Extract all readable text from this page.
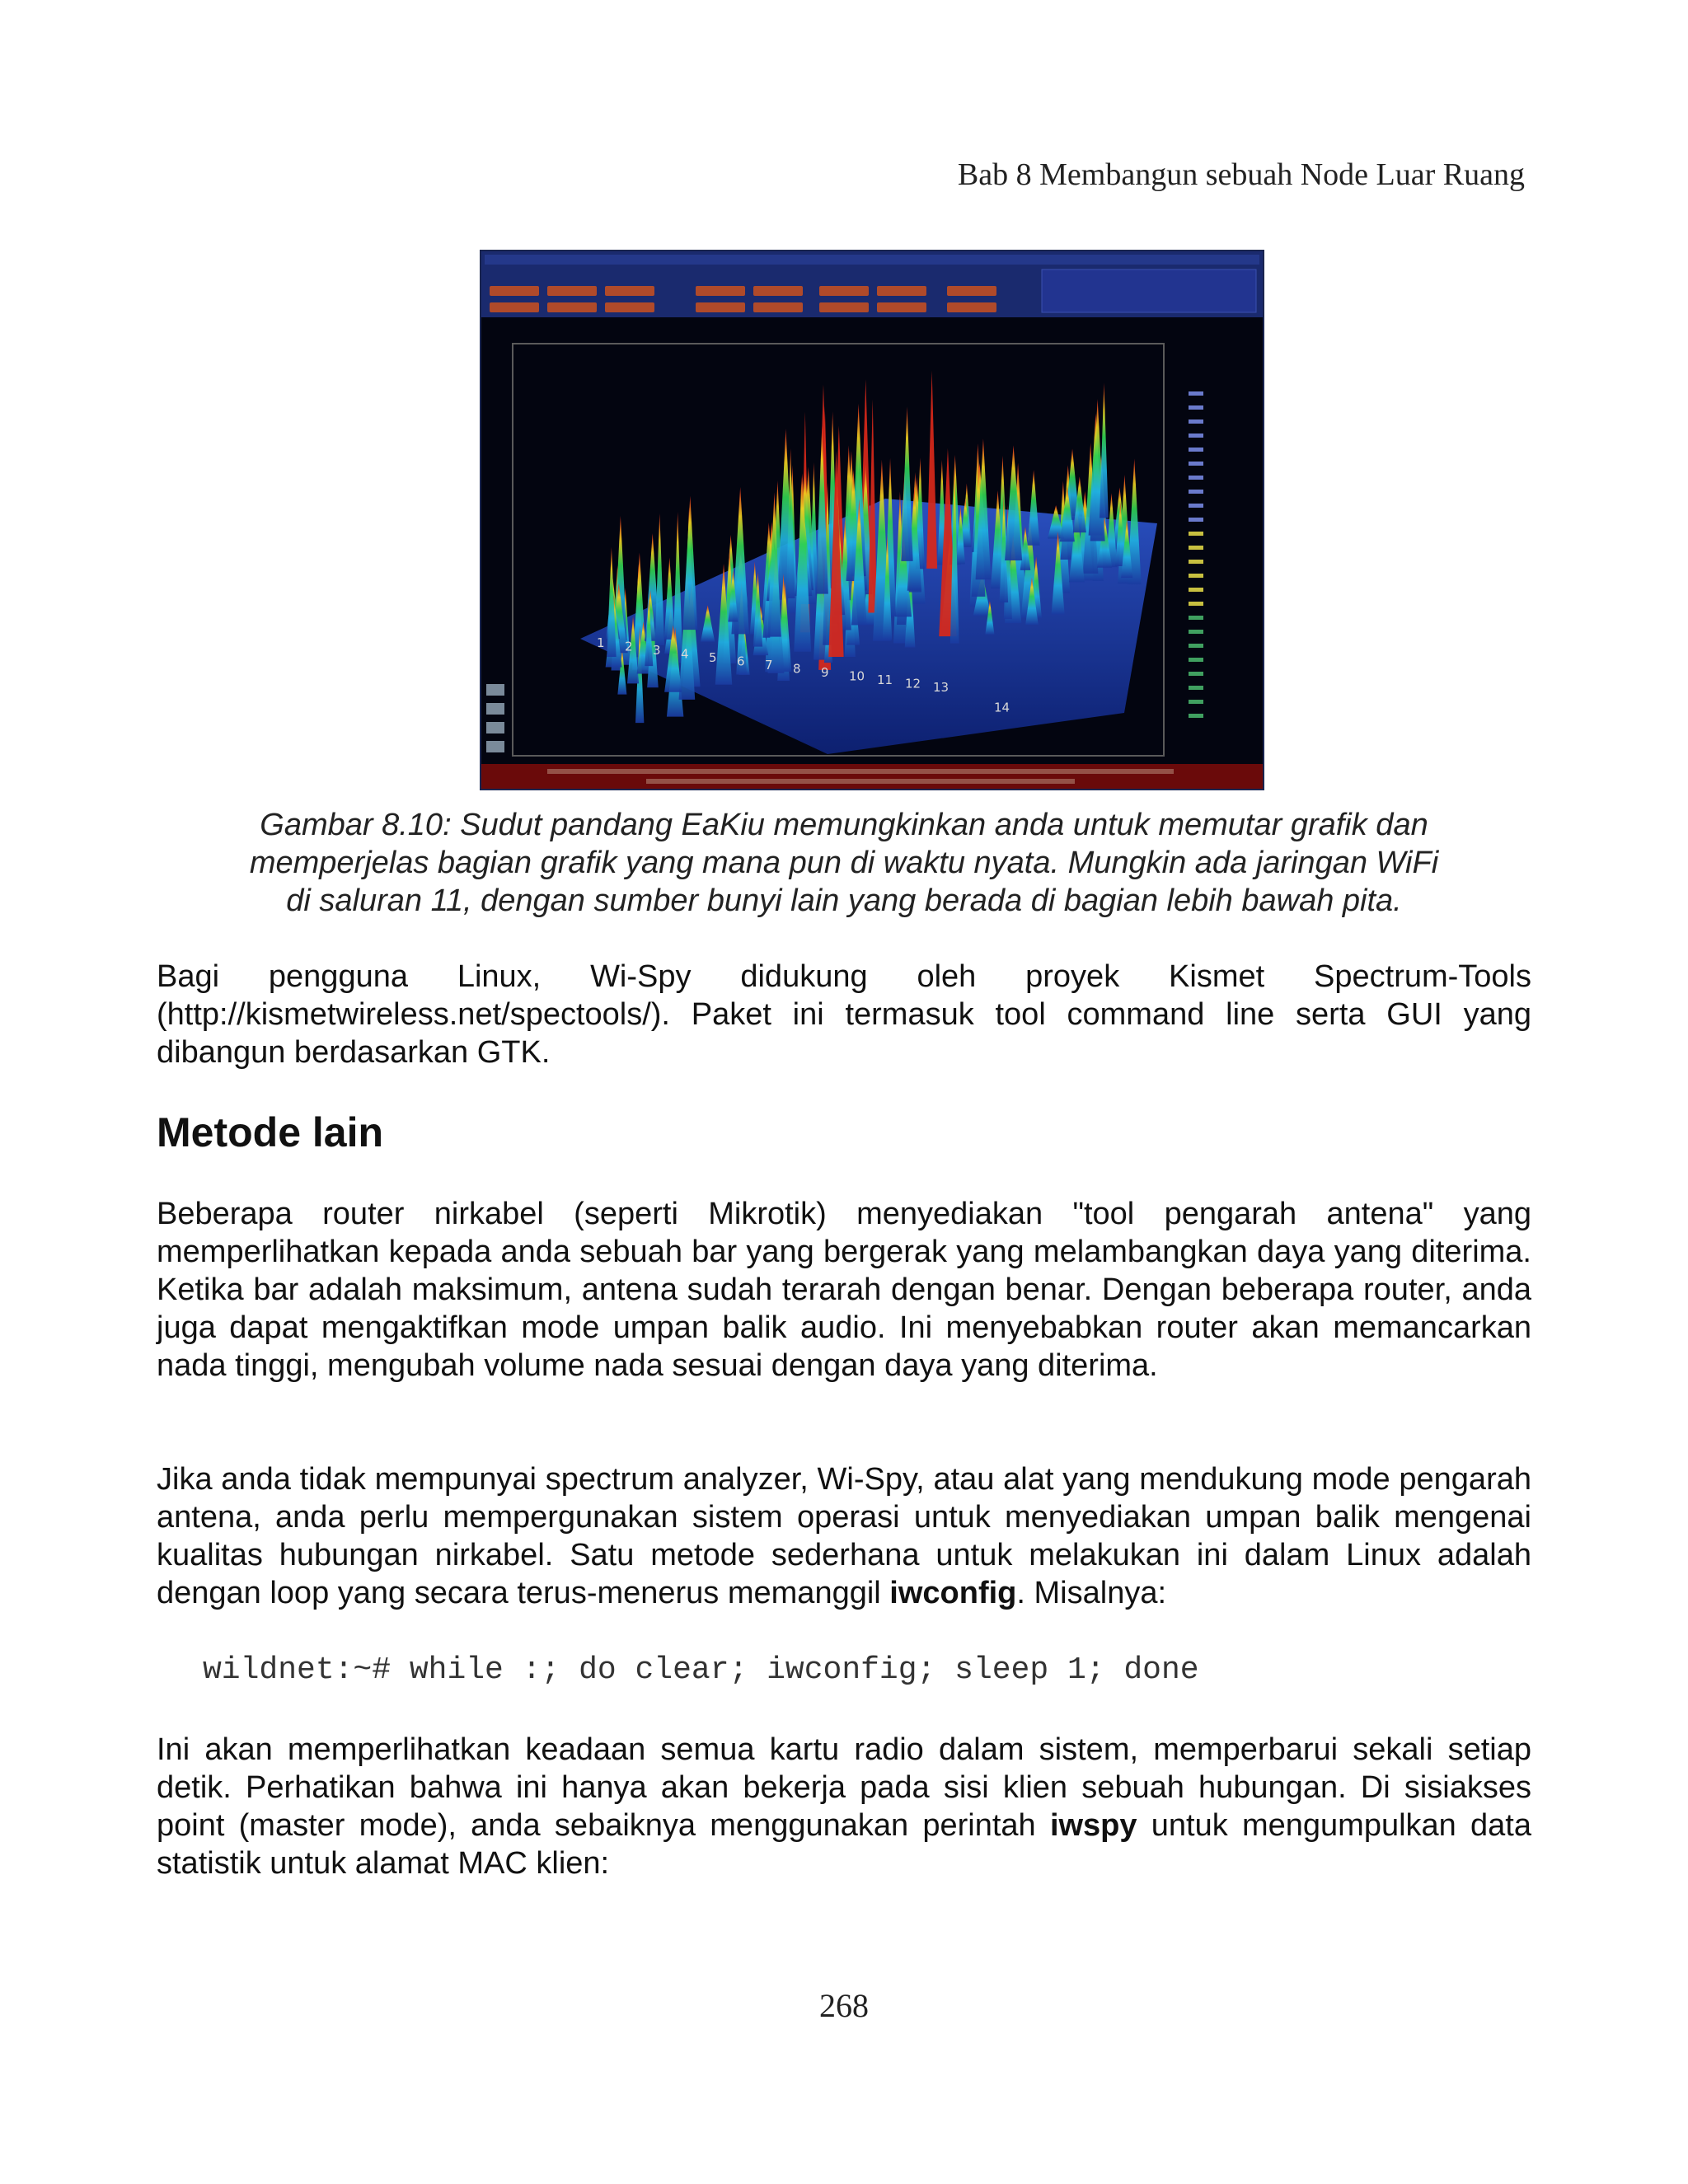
Bab 8 Membangun sebuah Node Luar Ruang
1 2 3 4 5 6 7 8 9 10 11 12 13
14
Gambar 8.10: Sudut pandang EaKiu memungkinkan anda untuk memutar grafik dan
memperjelas bagian grafik yang mana pun di waktu nyata. Mungkin ada jaringan WiFi
di saluran 11, dengan sumber bunyi lain yang berada di bagian lebih bawah pita.
Bagi pengguna Linux, Wi-Spy didukung oleh proyek Kismet Spectrum-Tools (http://kismetwireless.net/spectools/). Paket ini termasuk tool command line serta GUI yang dibangun berdasarkan GTK.
Metode lain
Beberapa router nirkabel (seperti Mikrotik) menyediakan "tool pengarah antena" yang memperlihatkan kepada anda sebuah bar yang bergerak yang melambangkan daya yang diterima. Ketika bar adalah maksimum, antena sudah terarah dengan benar. Dengan beberapa router, anda juga dapat mengaktifkan mode umpan balik audio. Ini menyebabkan router akan memancarkan nada tinggi, mengubah volume nada sesuai dengan daya yang diterima.
Jika anda tidak mempunyai spectrum analyzer, Wi-Spy, atau alat yang mendukung mode pengarah antena, anda perlu mempergunakan sistem operasi untuk menyediakan umpan balik mengenai kualitas hubungan nirkabel. Satu metode sederhana untuk melakukan ini dalam Linux adalah dengan loop yang secara terus-menerus memanggil iwconfig. Misalnya:
wildnet:~# while :; do clear; iwconfig; sleep 1; done
Ini akan memperlihatkan keadaan semua kartu radio dalam sistem, memperbarui sekali setiap detik. Perhatikan bahwa ini hanya akan bekerja pada sisi klien sebuah hubungan. Di sisiakses point (master mode), anda sebaiknya menggunakan perintah iwspy untuk mengumpulkan data statistik untuk alamat MAC klien:
268
